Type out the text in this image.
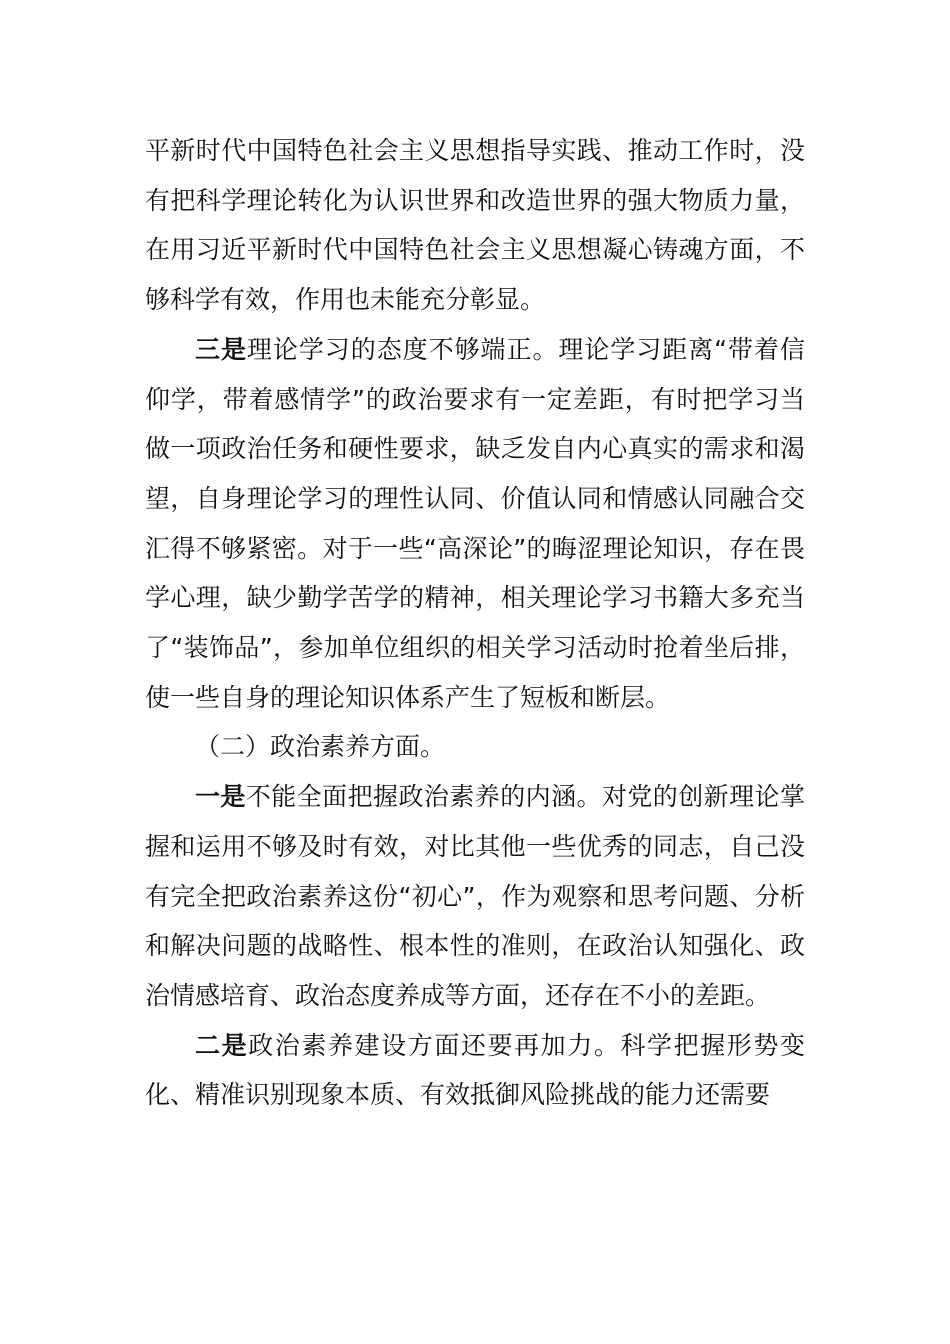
平新时代中国特色社会主义思想指导实践、推动工作时，没有把科学理论转化为认识世界和改造世界的强大物质力量，在用习近平新时代中国特色社会主义思想凝心铸魂方面，不够科学有效，作用也未能充分彰显。

三是理论学习的态度不够端正。理论学习距离“带着信仰学，带着感情学”的政治要求有一定差距，有时把学习当做一项政治任务和硬性要求，缺乏发自内心真实的需求和渴望，自身理论学习的理性认同、价值认同和情感认同融合交汇得不够紧密。对于一些“高深论”的晦涩理论知识，存在畏学心理，缺少勤学苦学的精神，相关理论学习书籍大多充当了“装饰品”，参加单位组织的相关学习活动时抢着坐后排，使一些自身的理论知识体系产生了短板和断层。

（二）政治素养方面。

一是不能全面把握政治素养的内涵。对党的创新理论掌握和运用不够及时有效，对比其他一些优秀的同志，自己没有完全把政治素养这份“初心”，作为观察和思考问题、分析和解决问题的战略性、根本性的准则，在政治认知强化、政治情感培育、政治态度养成等方面，还存在不小的差距。

二是政治素养建设方面还要再加力。科学把握形势变化、精准识别现象本质、有效抵御风险挑战的能力还需要
